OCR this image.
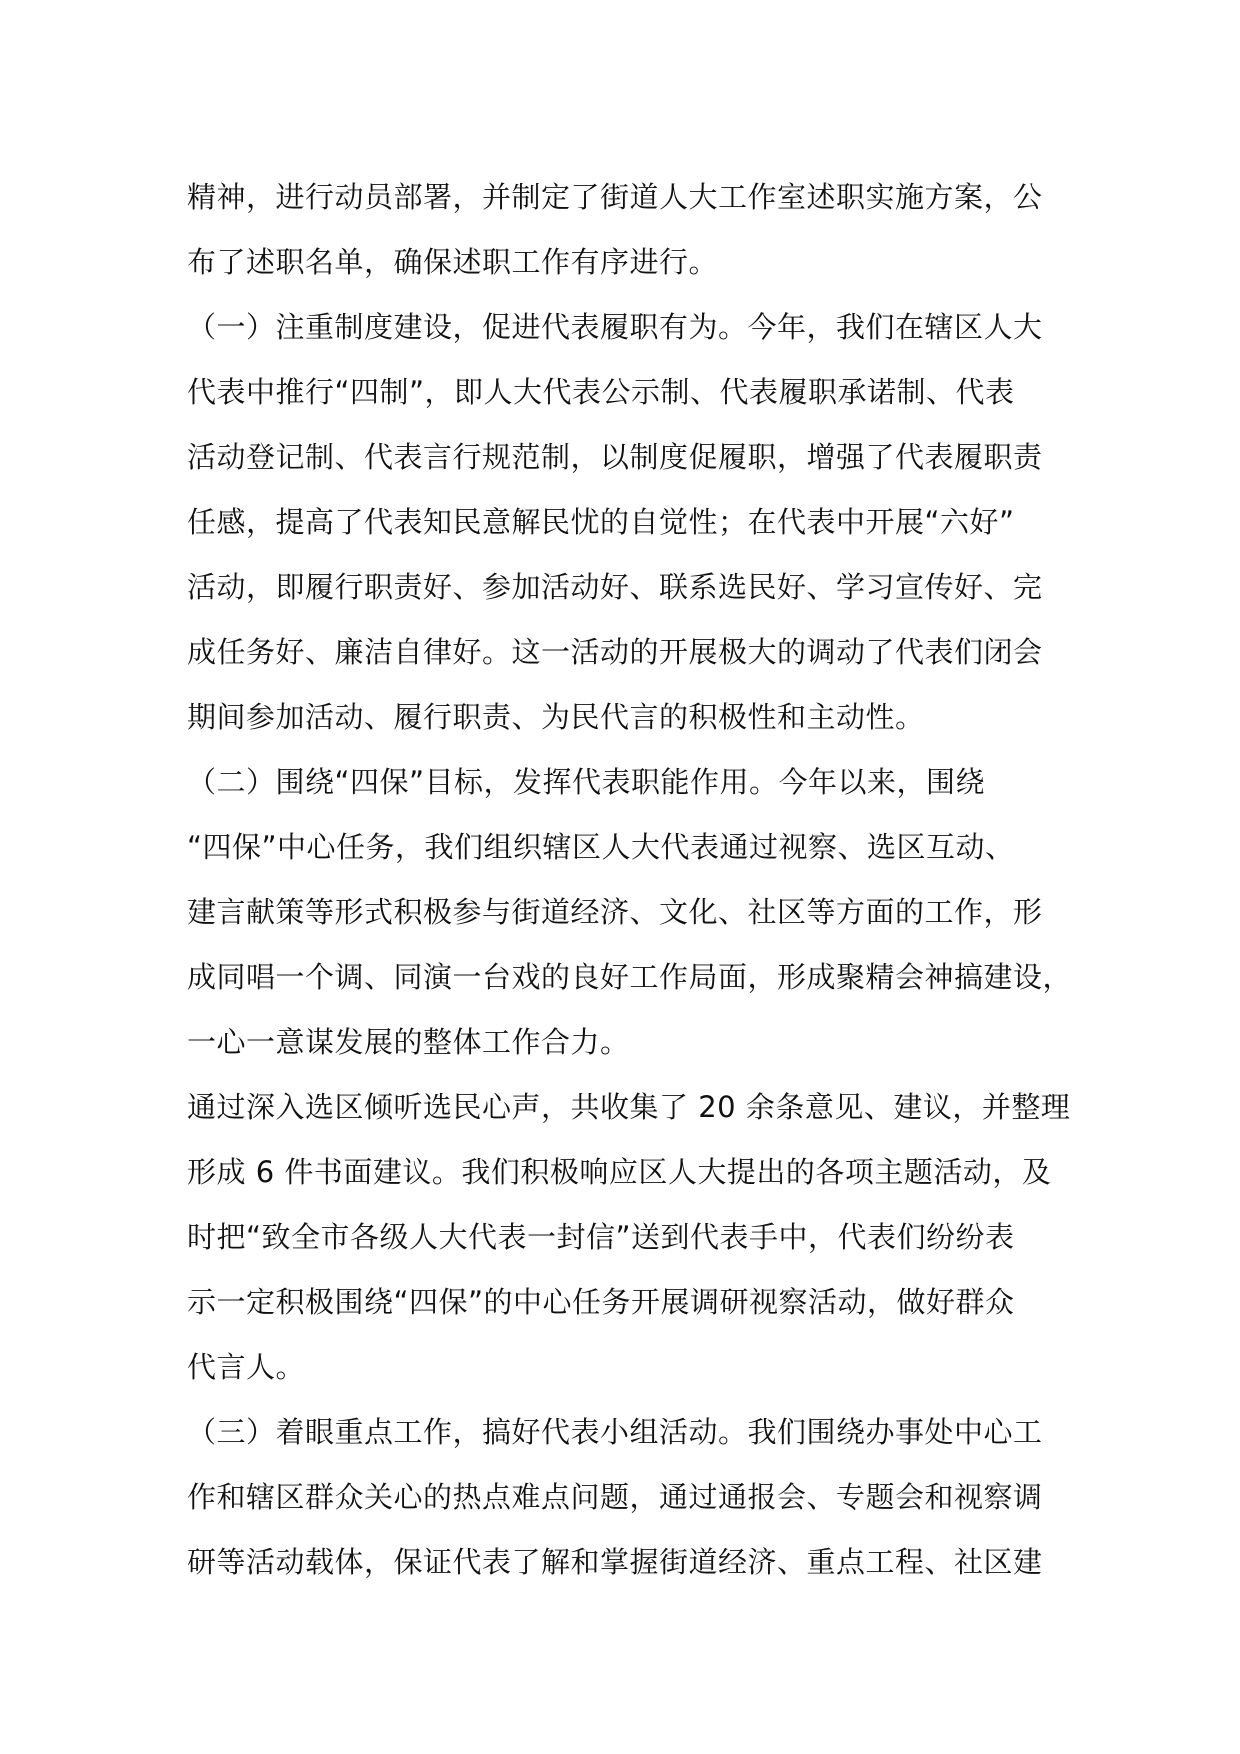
精神，进行动员部署，并制定了街道人大工作室述职实施方案，公
布了述职名单，确保述职工作有序进行。
（一）注重制度建设，促进代表履职有为。今年，我们在辖区人大
代表中推行“四制”，即人大代表公示制、代表履职承诺制、代表
活动登记制、代表言行规范制，以制度促履职，增强了代表履职责
任感，提高了代表知民意解民忧的自觉性；在代表中开展“六好”
活动，即履行职责好、参加活动好、联系选民好、学习宣传好、完
成任务好、廉洁自律好。这一活动的开展极大的调动了代表们闭会
期间参加活动、履行职责、为民代言的积极性和主动性。
（二）围绕“四保”目标，发挥代表职能作用。今年以来，围绕
“四保”中心任务，我们组织辖区人大代表通过视察、选区互动、
建言献策等形式积极参与街道经济、文化、社区等方面的工作，形
成同唱一个调、同演一台戏的良好工作局面，形成聚精会神搞建设，
一心一意谋发展的整体工作合力。
通过深入选区倾听选民心声，共收集了 20 余条意见、建议，并整理
形成 6 件书面建议。我们积极响应区人大提出的各项主题活动，及
时把“致全市各级人大代表一封信”送到代表手中，代表们纷纷表
示一定积极围绕“四保”的中心任务开展调研视察活动，做好群众
代言人。
（三）着眼重点工作，搞好代表小组活动。我们围绕办事处中心工
作和辖区群众关心的热点难点问题，通过通报会、专题会和视察调
研等活动载体，保证代表了解和掌握街道经济、重点工程、社区建
